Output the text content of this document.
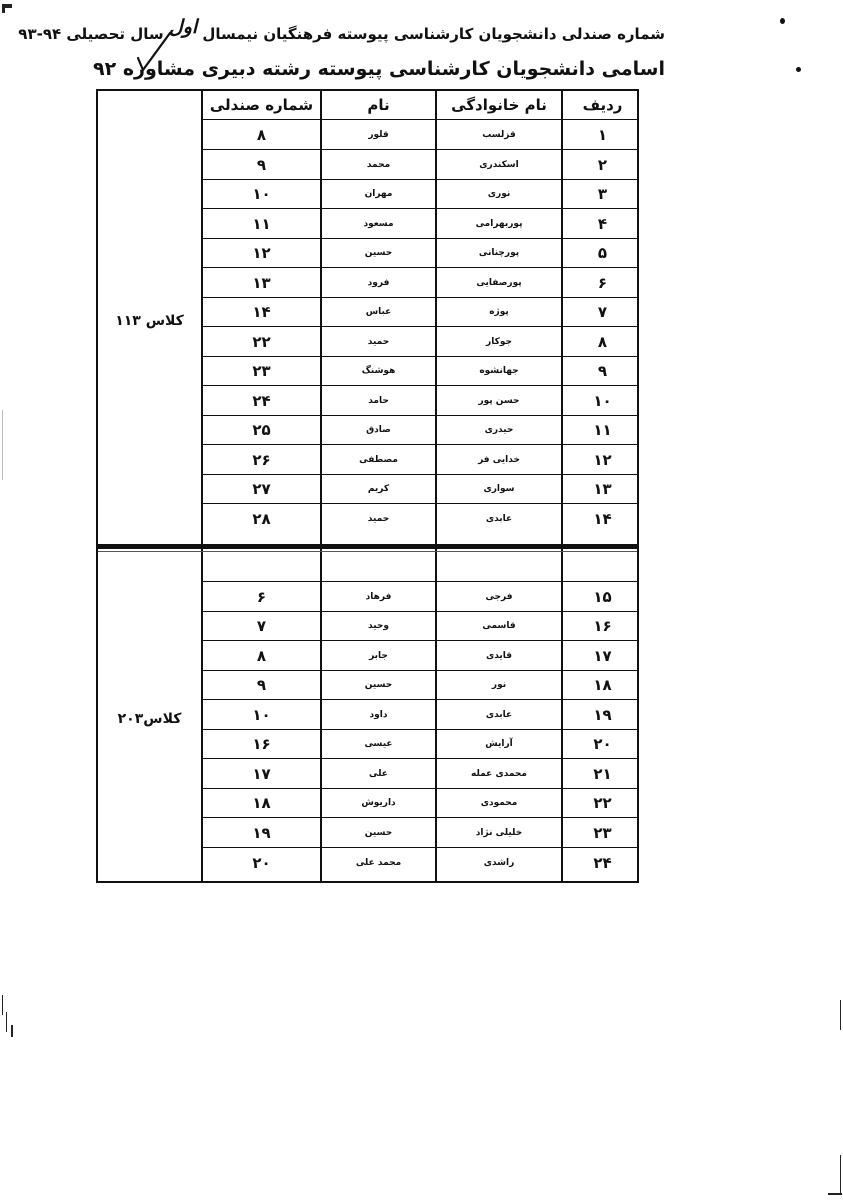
شماره صندلی دانشجویان کارشناسی پیوسته فرهنگیان نیمسال اول سال تحصیلی ۹۴-۹۳
اسامی دانشجویان کارشناسی پیوسته رشته دبیری مشاوره ۹۲
شماره صندلی	نام	نام خانوادگی	ردیف
۸	قلور	قزلسب	۱
۹	محمد	اسکندری	۲
۱۰	مهران	نوری	۳
۱۱	مسعود	پوربهرامی	۴
۱۲	حسین	پورچنانی	۵
۱۳	فرود	پورصفایی	۶
۱۴	عباس	پوژه	۷
۲۲	حمید	جوکار	۸
۲۳	هوشنگ	جهانشوه	۹
۲۴	حامد	حسن پور	۱۰
۲۵	صادق	حیدری	۱۱
۲۶	مصطفی	خدایی فر	۱۲
۲۷	کریم	سواری	۱۳
۲۸	حمید	عابدی	۱۴
کلاس ۱۱۳
۶	فرهاد	فرجی	۱۵
۷	وحید	قاسمی	۱۶
۸	جابر	قایدی	۱۷
۹	حسین	نور	۱۸
۱۰	داود	عابدی	۱۹
۱۶	عیسی	آرایش	۲۰
۱۷	علی	محمدی عمله	۲۱
۱۸	داریوش	محمودی	۲۲
۱۹	حسین	خلیلی نژاد	۲۳
۲۰	محمد علی	راشدی	۲۴
کلاس۲۰۳
